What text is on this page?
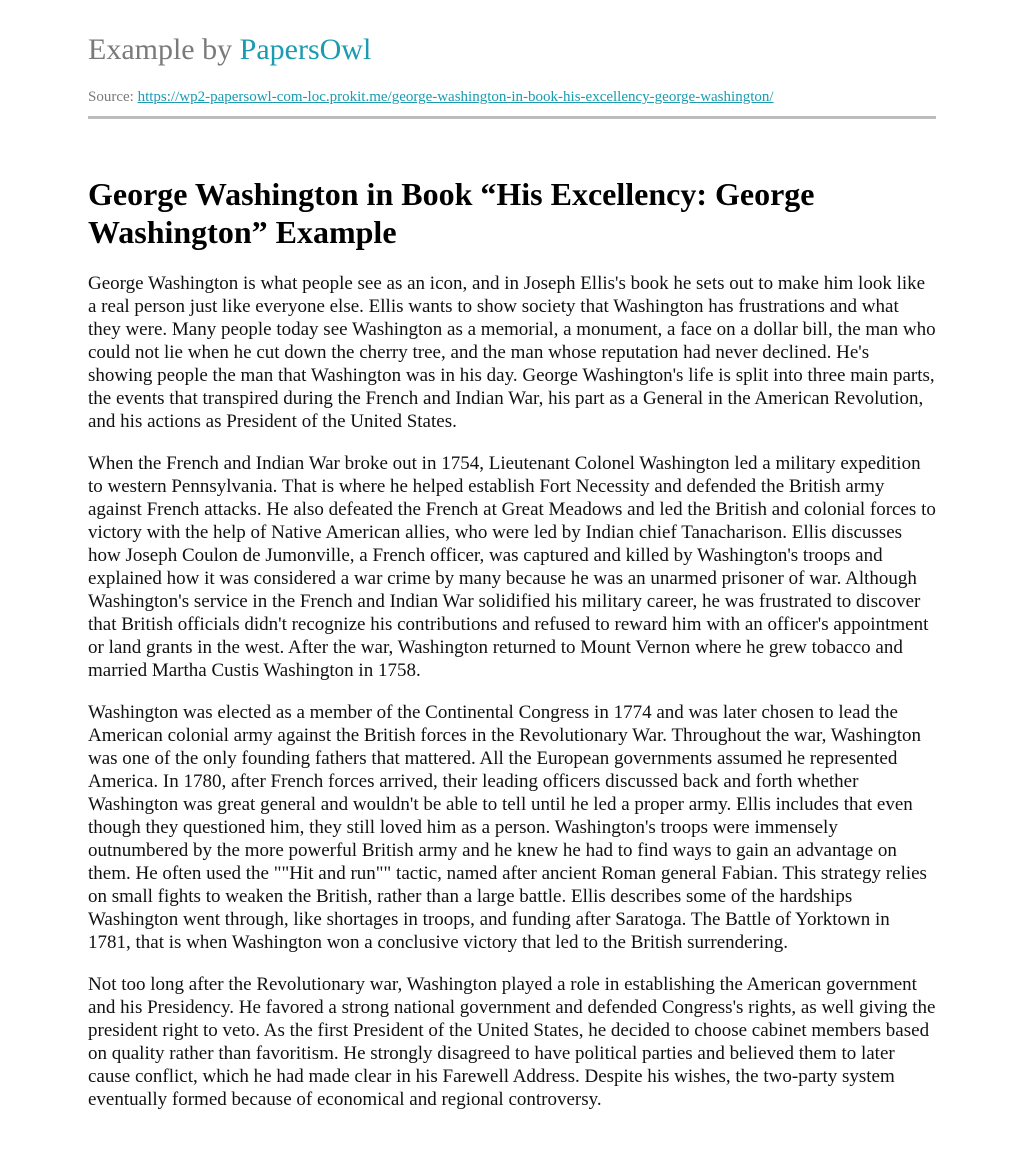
Example by PapersOwl
Source: https://wp2-papersowl-com-loc.prokit.me/george-washington-in-book-his-excellency-george-washington/
George Washington in Book “His Excellency: George Washington” Example

George Washington is what people see as an icon, and in Joseph Ellis's book he sets out to make him look like a real person just like everyone else. Ellis wants to show society that Washington has frustrations and what they were. Many people today see Washington as a memorial, a monument, a face on a dollar bill, the man who could not lie when he cut down the cherry tree, and the man whose reputation had never declined. He's showing people the man that Washington was in his day. George Washington's life is split into three main parts, the events that transpired during the French and Indian War, his part as a General in the American Revolution, and his actions as President of the United States.

When the French and Indian War broke out in 1754, Lieutenant Colonel Washington led a military expedition to western Pennsylvania. That is where he helped establish Fort Necessity and defended the British army against French attacks. He also defeated the French at Great Meadows and led the British and colonial forces to victory with the help of Native American allies, who were led by Indian chief Tanacharison. Ellis discusses how Joseph Coulon de Jumonville, a French officer, was captured and killed by Washington's troops and explained how it was considered a war crime by many because he was an unarmed prisoner of war. Although Washington's service in the French and Indian War solidified his military career, he was frustrated to discover that British officials didn't recognize his contributions and refused to reward him with an officer's appointment or land grants in the west. After the war, Washington returned to Mount Vernon where he grew tobacco and married Martha Custis Washington in 1758.

Washington was elected as a member of the Continental Congress in 1774 and was later chosen to lead the American colonial army against the British forces in the Revolutionary War. Throughout the war, Washington was one of the only founding fathers that mattered. All the European governments assumed he represented America. In 1780, after French forces arrived, their leading officers discussed back and forth whether Washington was great general and wouldn't be able to tell until he led a proper army. Ellis includes that even though they questioned him, they still loved him as a person. Washington's troops were immensely outnumbered by the more powerful British army and he knew he had to find ways to gain an advantage on them. He often used the ""Hit and run"" tactic, named after ancient Roman general Fabian. This strategy relies on small fights to weaken the British, rather than a large battle. Ellis describes some of the hardships Washington went through, like shortages in troops, and funding after Saratoga. The Battle of Yorktown in 1781, that is when Washington won a conclusive victory that led to the British surrendering.

Not too long after the Revolutionary war, Washington played a role in establishing the American government and his Presidency. He favored a strong national government and defended Congress's rights, as well giving the president right to veto. As the first President of the United States, he decided to choose cabinet members based on quality rather than favoritism. He strongly disagreed to have political parties and believed them to later cause conflict, which he had made clear in his Farewell Address. Despite his wishes, the two-party system eventually formed because of economical and regional controversy.
